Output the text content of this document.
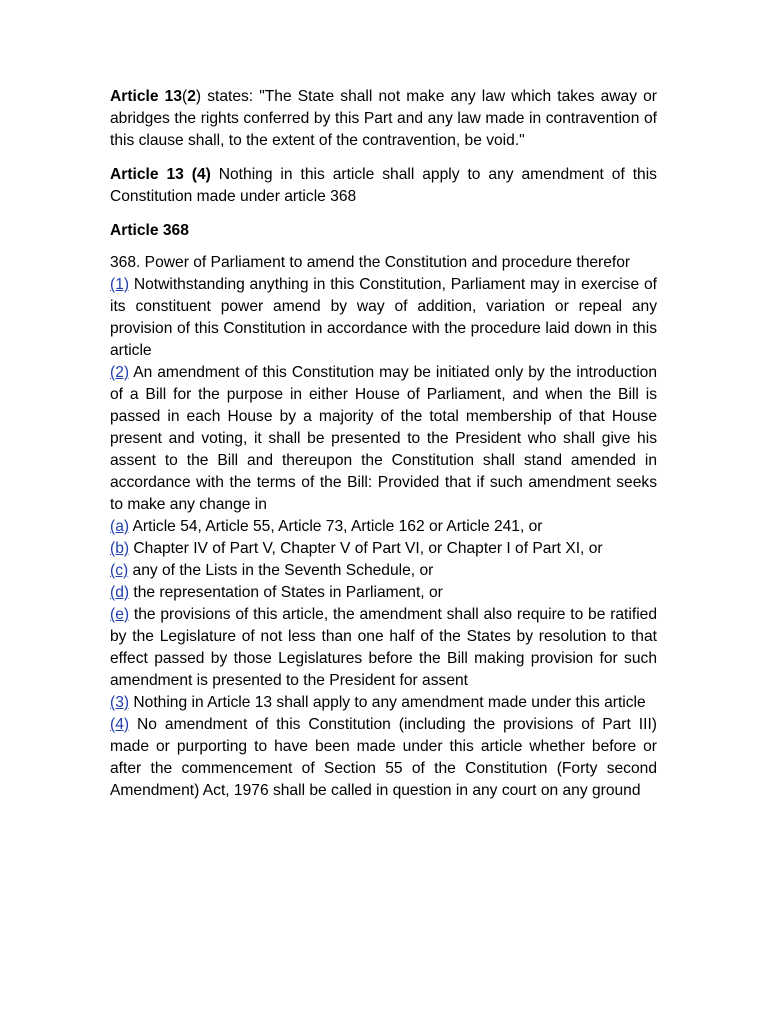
Article 13(2) states: "The State shall not make any law which takes away or abridges the rights conferred by this Part and any law made in contravention of this clause shall, to the extent of the contravention, be void."

Article 13 (4) Nothing in this article shall apply to any amendment of this Constitution made under article 368

Article 368

368. Power of Parliament to amend the Constitution and procedure therefor

(1) Notwithstanding anything in this Constitution, Parliament may in exercise of its constituent power amend by way of addition, variation or repeal any provision of this Constitution in accordance with the procedure laid down in this article

(2) An amendment of this Constitution may be initiated only by the introduction of a Bill for the purpose in either House of Parliament, and when the Bill is passed in each House by a majority of the total membership of that House present and voting, it shall be presented to the President who shall give his assent to the Bill and thereupon the Constitution shall stand amended in accordance with the terms of the Bill: Provided that if such amendment seeks to make any change in

(a) Article 54, Article 55, Article 73, Article 162 or Article 241, or

(b) Chapter IV of Part V, Chapter V of Part VI, or Chapter I of Part XI, or

(c) any of the Lists in the Seventh Schedule, or

(d) the representation of States in Parliament, or

(e) the provisions of this article, the amendment shall also require to be ratified by the Legislature of not less than one half of the States by resolution to that effect passed by those Legislatures before the Bill making provision for such amendment is presented to the President for assent

(3) Nothing in Article 13 shall apply to any amendment made under this article

(4) No amendment of this Constitution (including the provisions of Part III) made or purporting to have been made under this article whether before or after the commencement of Section 55 of the Constitution (Forty second Amendment) Act, 1976 shall be called in question in any court on any ground
